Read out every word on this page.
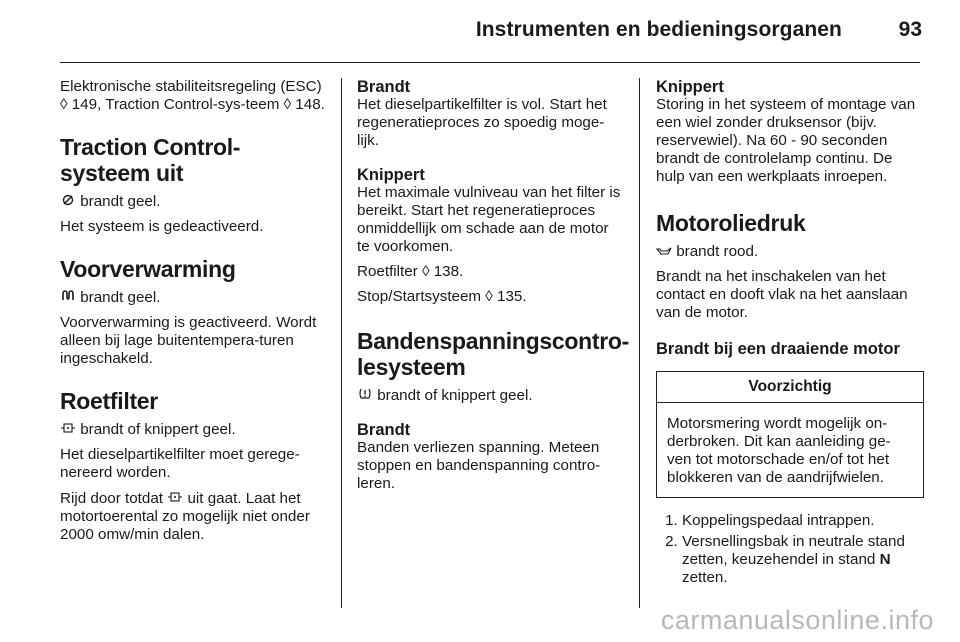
Instrumenten en bedieningsorganen	93

Elektronische stabiliteitsregeling (ESC) ◊ 149, Traction Control-sys-teem ◊ 148.

Traction Control-systeem uit

brandt geel.

Het systeem is gedeactiveerd.

Voorverwarming

brandt geel.

Voorverwarming is geactiveerd. Wordt alleen bij lage buitentempera-turen ingeschakeld.

Roetfilter

brandt of knippert geel.

Het dieselpartikelfilter moet gerege-nereerd worden.

Rijd door totdat uit gaat. Laat het motortoerental zo mogelijk niet onder 2000 omw/min dalen.

Brandt

Het dieselpartikelfilter is vol. Start het regeneratieproces zo spoedig moge-lijk.

Knippert

Het maximale vulniveau van het filter is bereikt. Start het regeneratieproces onmiddellijk om schade aan de motor te voorkomen.

Roetfilter ◊ 138.

Stop/Startsysteem ◊ 135.

Bandenspanningscontro-lesysteem

brandt of knippert geel.

Brandt

Banden verliezen spanning. Meteen stoppen en bandenspanning contro-leren.

Knippert

Storing in het systeem of montage van een wiel zonder druksensor (bijv. reservewiel). Na 60 - 90 seconden brandt de controlelamp continu. De hulp van een werkplaats inroepen.

Motoroliedruk

brandt rood.

Brandt na het inschakelen van het contact en dooft vlak na het aanslaan van de motor.

Brandt bij een draaiende motor
Voorzichtig
Motorsmering wordt mogelijk on-derbroken. Dit kan aanleiding ge-ven tot motorschade en/of tot het blokkeren van de aandrijfwielen.
1. Koppelingspedaal intrappen.
2. Versnellingsbak in neutrale stand zetten, keuzehendel in stand N zetten.
carmanualsonline.info
